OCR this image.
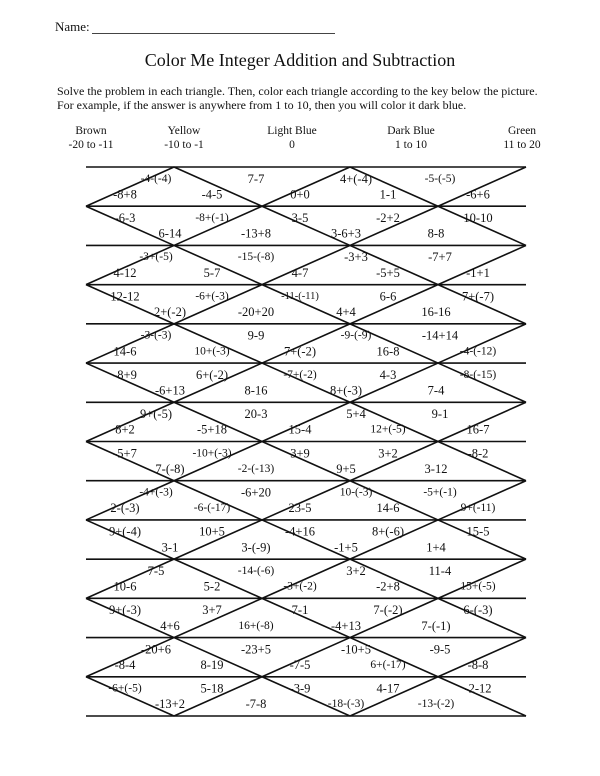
Name:
Color Me Integer Addition and Subtraction
Solve the problem in each triangle. Then, color each triangle according to the key below the picture.
For example, if the answer is anywhere from 1 to 10, then you will color it dark blue.
Brown
-20 to -11
Yellow
-10 to -1
Light Blue
0
Dark Blue
1 to 10
Green
11 to 20
-4-(-4)	7-7	4+(-4)	-5-(-5)
-8+8	-4-5	0+0	1-1	-6+6
-6-3	-8+(-1)	3-5	-2+2	10-10
6-14	-13+8	3-6+3	8-8
-3+(-5)	-15-(-8)	-3+3	-7+7
4-12	5-7	4-7	-5+5	-1+1
12-12	-6+(-3)	-11-(-11)	6-6	7+(-7)
2+(-2)	-20+20	4+4	16-16
-3-(-3)	9-9	-9-(-9)	-14+14
14-6	10+(-3)	7+(-2)	16-8	-4-(-12)
-8+9	6+(-2)	-7+(-2)	4-3	-8-(-15)
-6+13	8-16	8+(-3)	7-4
9+(-5)	20-3	5+4	9-1
8+2	-5+18	15-4	12+(-5)	16-7
-5+7	-10+(-3)	3+9	3+2	-8-2
7-(-8)	-2-(-13)	9+5	3-12
-4+(-3)	-6+20	10-(-3)	-5+(-1)
2-(-3)	-6-(-17)	23-5	14-6	9+(-11)
9+(-4)	10+5	-4+16	8+(-6)	15-5
3-1	3-(-9)	-1+5	1+4
7-5	-14-(-6)	3+2	11-4
10-6	5-2	-3+(-2)	-2+8	15+(-5)
9+(-3)	3+7	7-1	7-(-2)	6-(-3)
4+6	16+(-8)	-4+13	7-(-1)
-20+6	-23+5	-10+5	-9-5
-8-4	8-19	-7-5	6+(-17)	-8-8
-6+(-5)	5-18	-3-9	4-17	-2-12
-13+2	-7-8	-18-(-3)	-13-(-2)
